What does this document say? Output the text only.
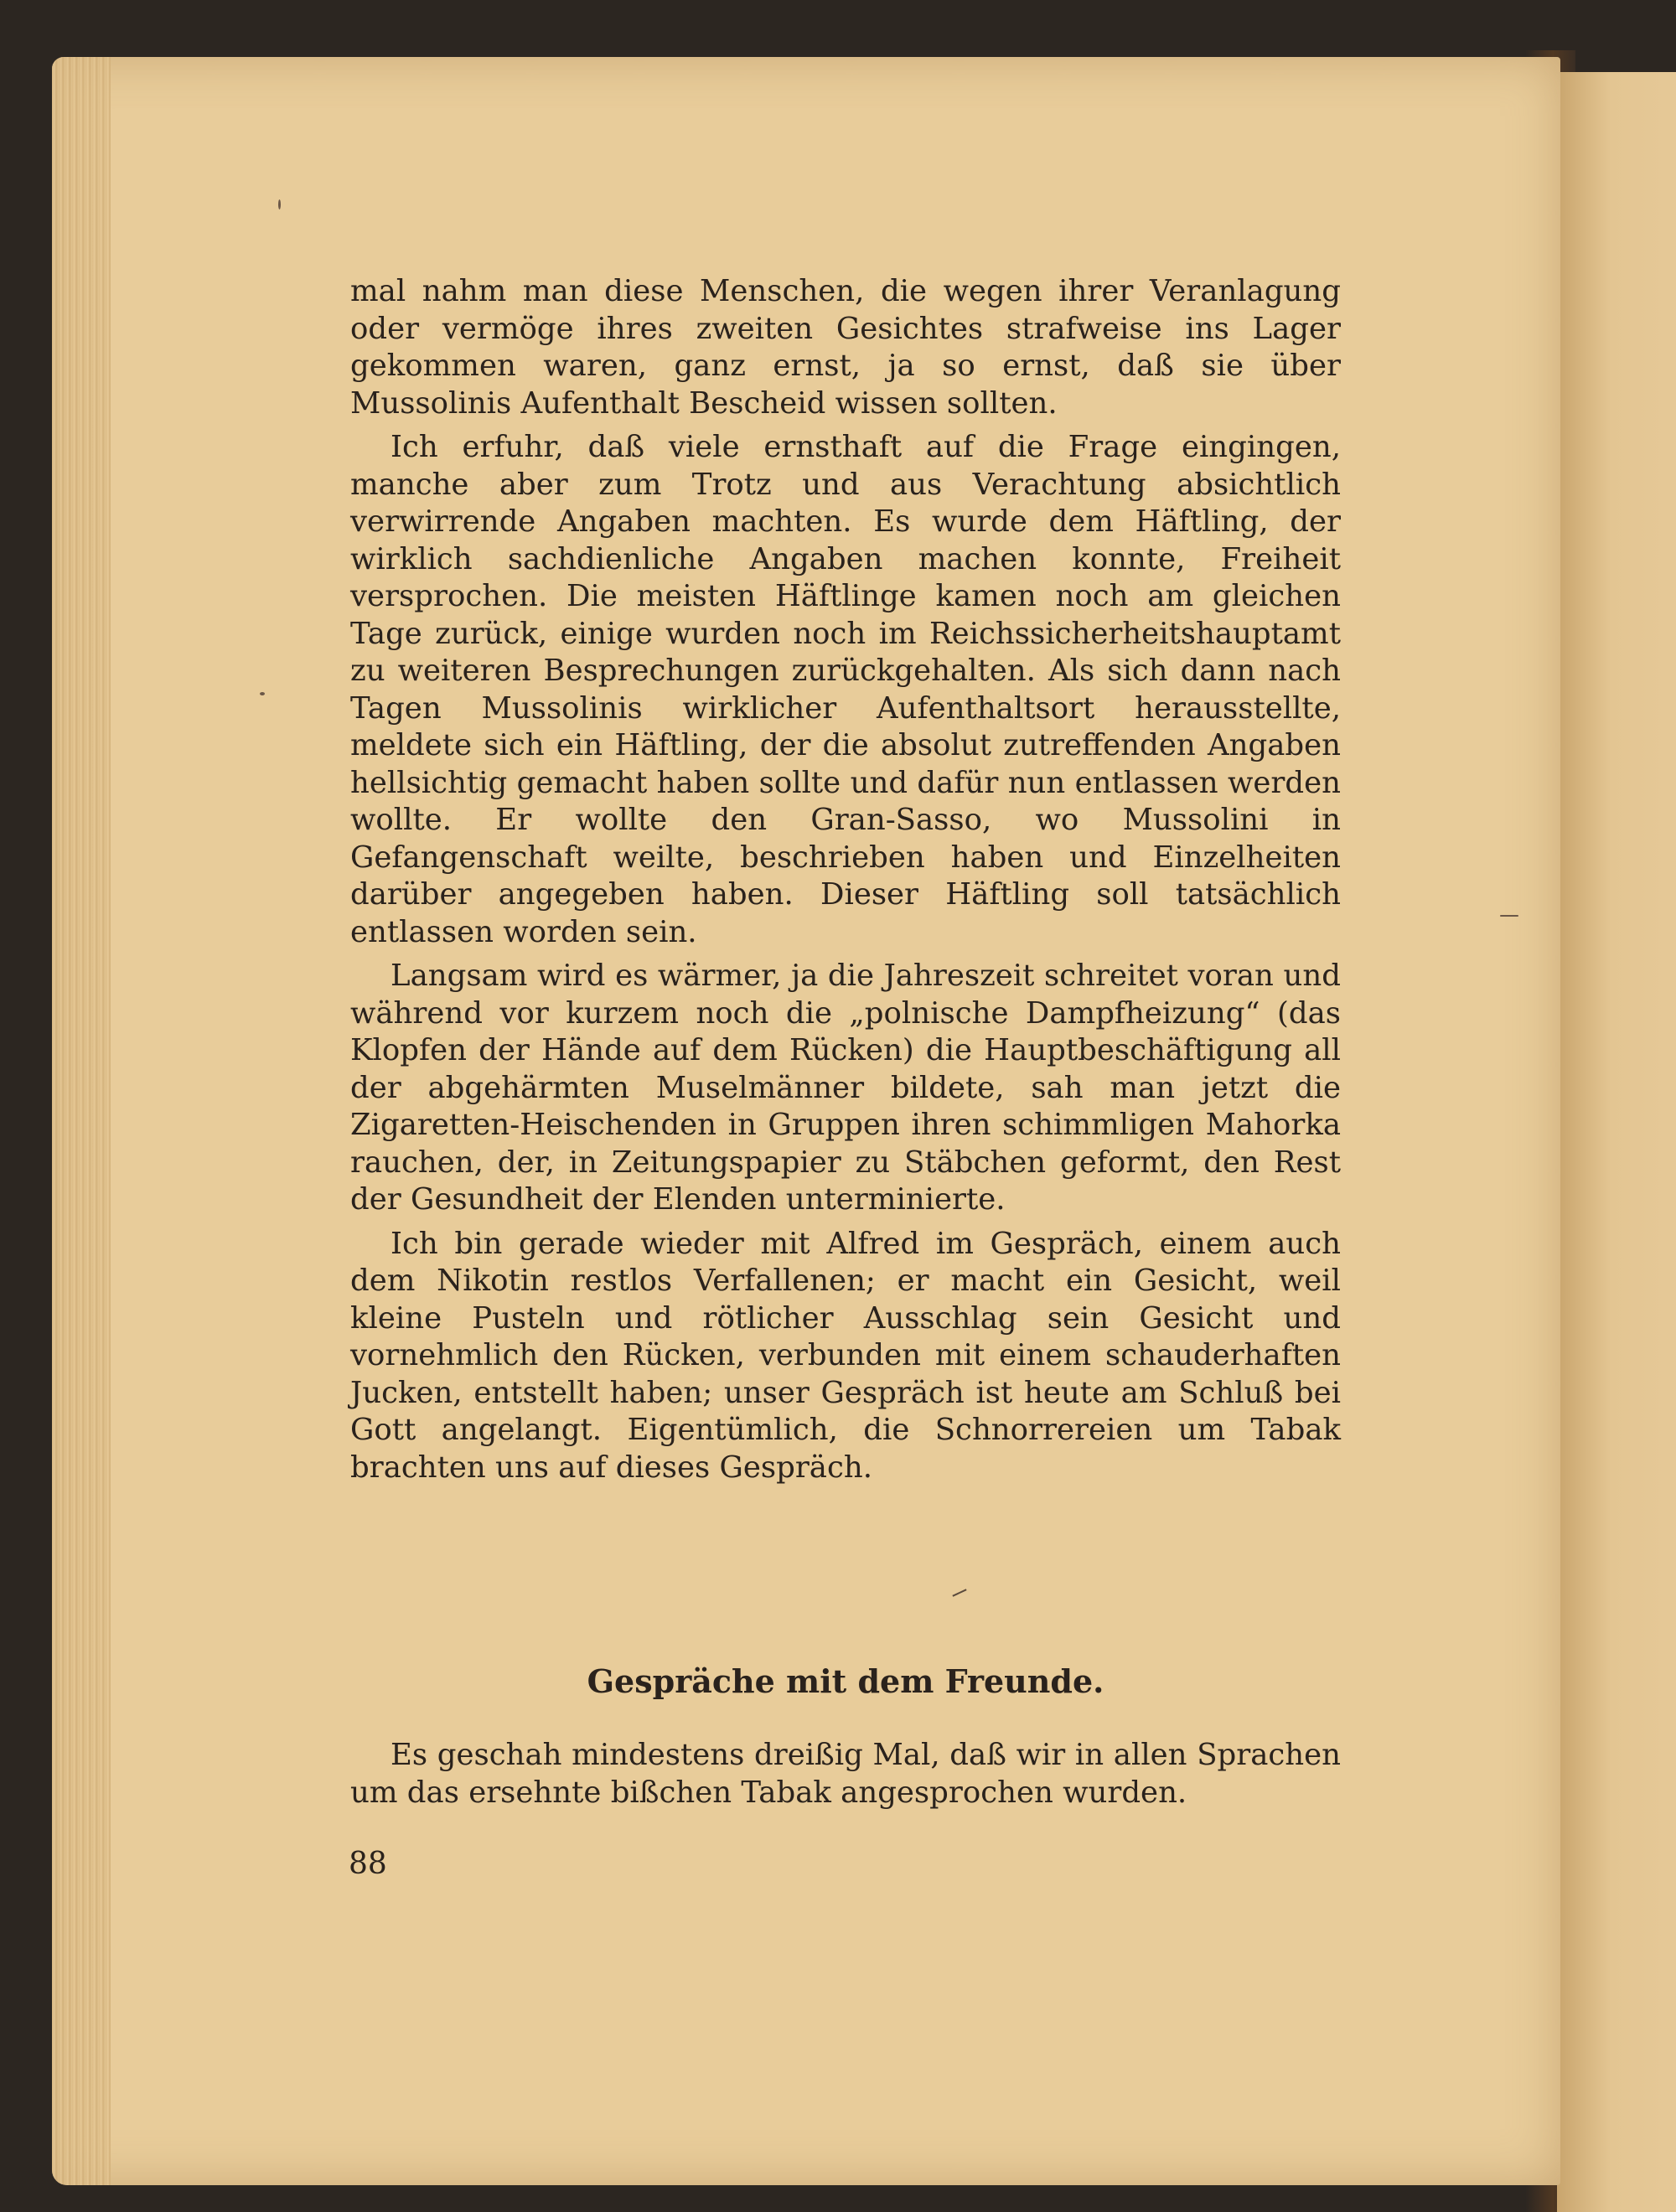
mal nahm man diese Menschen, die wegen ihrer Veranlagung oder vermöge ihres zweiten Gesichtes strafweise ins Lager gekommen waren, ganz ernst, ja so ernst, daß sie über Mussolinis Aufenthalt Bescheid wissen sollten.

Ich erfuhr, daß viele ernsthaft auf die Frage eingingen, manche aber zum Trotz und aus Verachtung absichtlich verwirrende Angaben machten. Es wurde dem Häftling, der wirklich sachdienliche Angaben machen konnte, Freiheit versprochen. Die meisten Häftlinge kamen noch am gleichen Tage zurück, einige wurden noch im Reichssicherheitshauptamt zu weiteren Besprechungen zurückgehalten. Als sich dann nach Tagen Mussolinis wirklicher Aufenthaltsort herausstellte, meldete sich ein Häftling, der die absolut zutreffenden Angaben hellsichtig gemacht haben sollte und dafür nun entlassen werden wollte. Er wollte den Gran-Sasso, wo Mussolini in Gefangenschaft weilte, beschrieben haben und Einzelheiten darüber angegeben haben. Dieser Häftling soll tatsächlich entlassen worden sein.

Langsam wird es wärmer, ja die Jahreszeit schreitet voran und während vor kurzem noch die „polnische Dampfheizung“ (das Klopfen der Hände auf dem Rücken) die Hauptbeschäftigung all der abgehärmten Muselmänner bildete, sah man jetzt die Zigaretten-Heischenden in Gruppen ihren schimmligen Mahorka rauchen, der, in Zeitungspapier zu Stäbchen geformt, den Rest der Gesundheit der Elenden unterminierte.

Ich bin gerade wieder mit Alfred im Gespräch, einem auch dem Nikotin restlos Verfallenen; er macht ein Gesicht, weil kleine Pusteln und rötlicher Ausschlag sein Gesicht und vornehmlich den Rücken, verbunden mit einem schauderhaften Jucken, entstellt haben; unser Gespräch ist heute am Schluß bei Gott angelangt. Eigentümlich, die Schnorrereien um Tabak brachten uns auf dieses Gespräch.

Gespräche mit dem Freunde.
Es geschah mindestens dreißig Mal, daß wir in allen Sprachen um das ersehnte bißchen Tabak angesprochen wurden.
88
